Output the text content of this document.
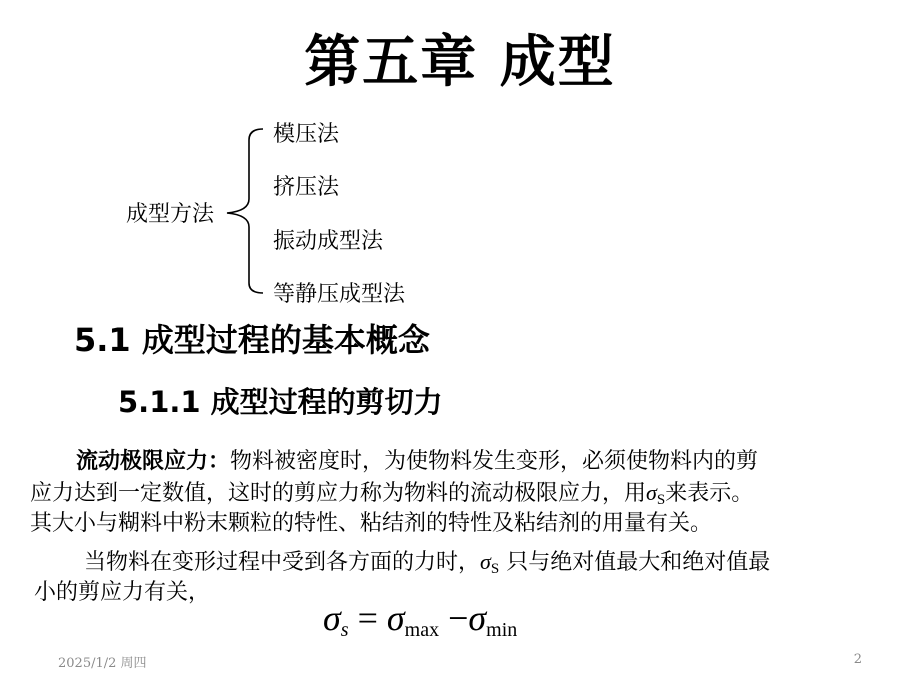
第五章 成型
成型方法
模压法
挤压法
振动成型法
等静压成型法
5.1 成型过程的基本概念
5.1.1 成型过程的剪切力
流动极限应力：物料被密度时，为使物料发生变形，必须使物料内的剪
应力达到一定数值，这时的剪应力称为物料的流动极限应力，用$\sigma_S$来表示。
其大小与糊料中粉末颗粒的特性、粘结剂的特性及粘结剂的用量有关。
当物料在变形过程中受到各方面的力时，$\sigma_S$ 只与绝对值最大和绝对值最
小的剪应力有关，
σs = σmax −σmin
2025/1/2 周四	2
